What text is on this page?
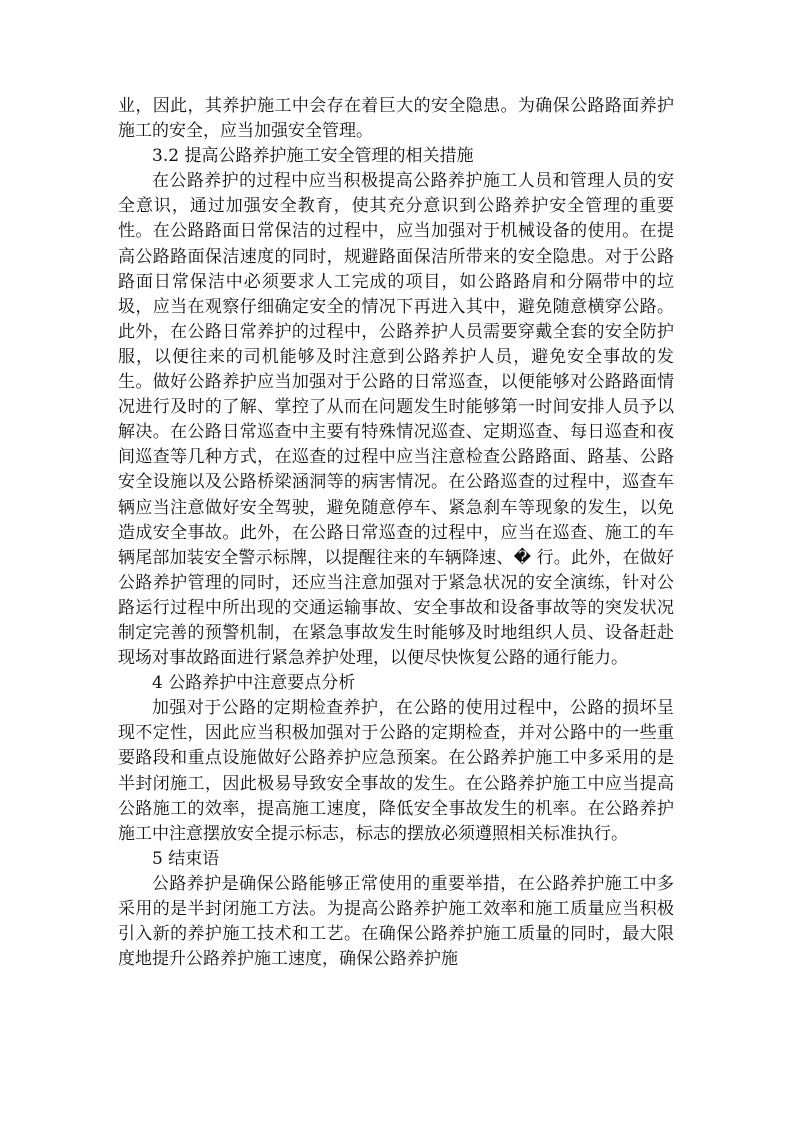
业，因此，其养护施工中会存在着巨大的安全隐患。为确保公路路面养护施工的安全，应当加强安全管理。

3.2 提高公路养护施工安全管理的相关措施

在公路养护的过程中应当积极提高公路养护施工人员和管理人员的安全意识，通过加强安全教育，使其充分意识到公路养护安全管理的重要性。在公路路面日常保洁的过程中，应当加强对于机械设备的使用。在提高公路路面保洁速度的同时，规避路面保洁所带来的安全隐患。对于公路路面日常保洁中必须要求人工完成的项目，如公路路肩和分隔带中的垃圾，应当在观察仔细确定安全的情况下再进入其中，避免随意横穿公路。此外，在公路日常养护的过程中，公路养护人员需要穿戴全套的安全防护服，以便往来的司机能够及时注意到公路养护人员，避免安全事故的发生。做好公路养护应当加强对于公路的日常巡查，以便能够对公路路面情况进行及时的了解、掌控了从而在问题发生时能够第一时间安排人员予以解决。在公路日常巡查中主要有特殊情况巡查、定期巡查、每日巡查和夜间巡查等几种方式，在巡查的过程中应当注意检查公路路面、路基、公路安全设施以及公路桥梁涵洞等的病害情况。在公路巡查的过程中，巡查车辆应当注意做好安全驾驶，避免随意停车、紧急刹车等现象的发生，以免造成安全事故。此外，在公路日常巡查的过程中，应当在巡查、施工的车辆尾部加装安全警示标牌，以提醒往来的车辆降速、� 行。此外，在做好公路养护管理的同时，还应当注意加强对于紧急状况的安全演练，针对公路运行过程中所出现的交通运输事故、安全事故和设备事故等的突发状况制定完善的预警机制，在紧急事故发生时能够及时地组织人员、设备赶赴现场对事故路面进行紧急养护处理，以便尽快恢复公路的通行能力。

4 公路养护中注意要点分析

加强对于公路的定期检查养护，在公路的使用过程中，公路的损坏呈现不定性，因此应当积极加强对于公路的定期检查，并对公路中的一些重要路段和重点设施做好公路养护应急预案。在公路养护施工中多采用的是半封闭施工，因此极易导致安全事故的发生。在公路养护施工中应当提高公路施工的效率，提高施工速度，降低安全事故发生的机率。在公路养护施工中注意摆放安全提示标志，标志的摆放必须遵照相关标准执行。

5 结束语

公路养护是确保公路能够正常使用的重要举措，在公路养护施工中多采用的是半封闭施工方法。为提高公路养护施工效率和施工质量应当积极引入新的养护施工技术和工艺。在确保公路养护施工质量的同时，最大限度地提升公路养护施工速度，确保公路养护施
